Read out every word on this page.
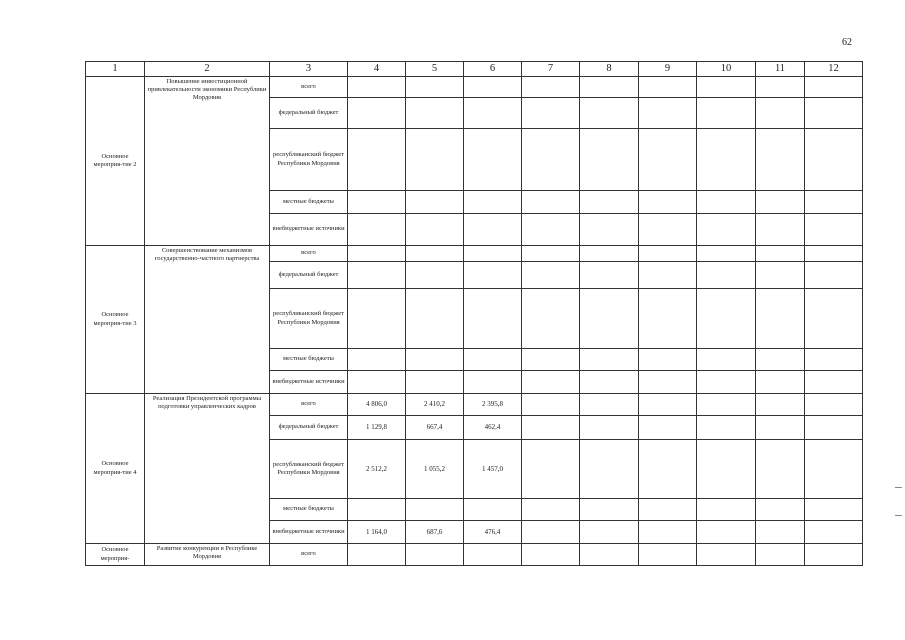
62
1	2	3	4	5	6	7	8	9	10	11	12
Основное мероприя-тие 2	Повышение инвестиционной привлекательности экономики Республики Мордовия	всего									
		федеральный бюджет									
		республиканский бюджет Республики Мордовия									
		местные бюджеты									
		внебюджетные источники									
Основное мероприя-тие 3	Совершенствование механизмов государственно-частного партнерства	всего									
		федеральный бюджет									
		республиканский бюджет Республики Мордовия									
		местные бюджеты									
		внебюджетные источники									
Основное мероприя-тие 4	Реализация Президентской программы подготовки управленческих кадров	всего	4 806,0	2 410,2	2 395,8						
		федеральный бюджет	1 129,8	667,4	462,4						
		республиканский бюджет Республики Мордовия	2 512,2	1 055,2	1 457,0						
		местные бюджеты									
		внебюджетные источники	1 164,0	687,6	476,4						
Основное мероприя-	Развитие конкуренции в Республике Мордовия	всего									
